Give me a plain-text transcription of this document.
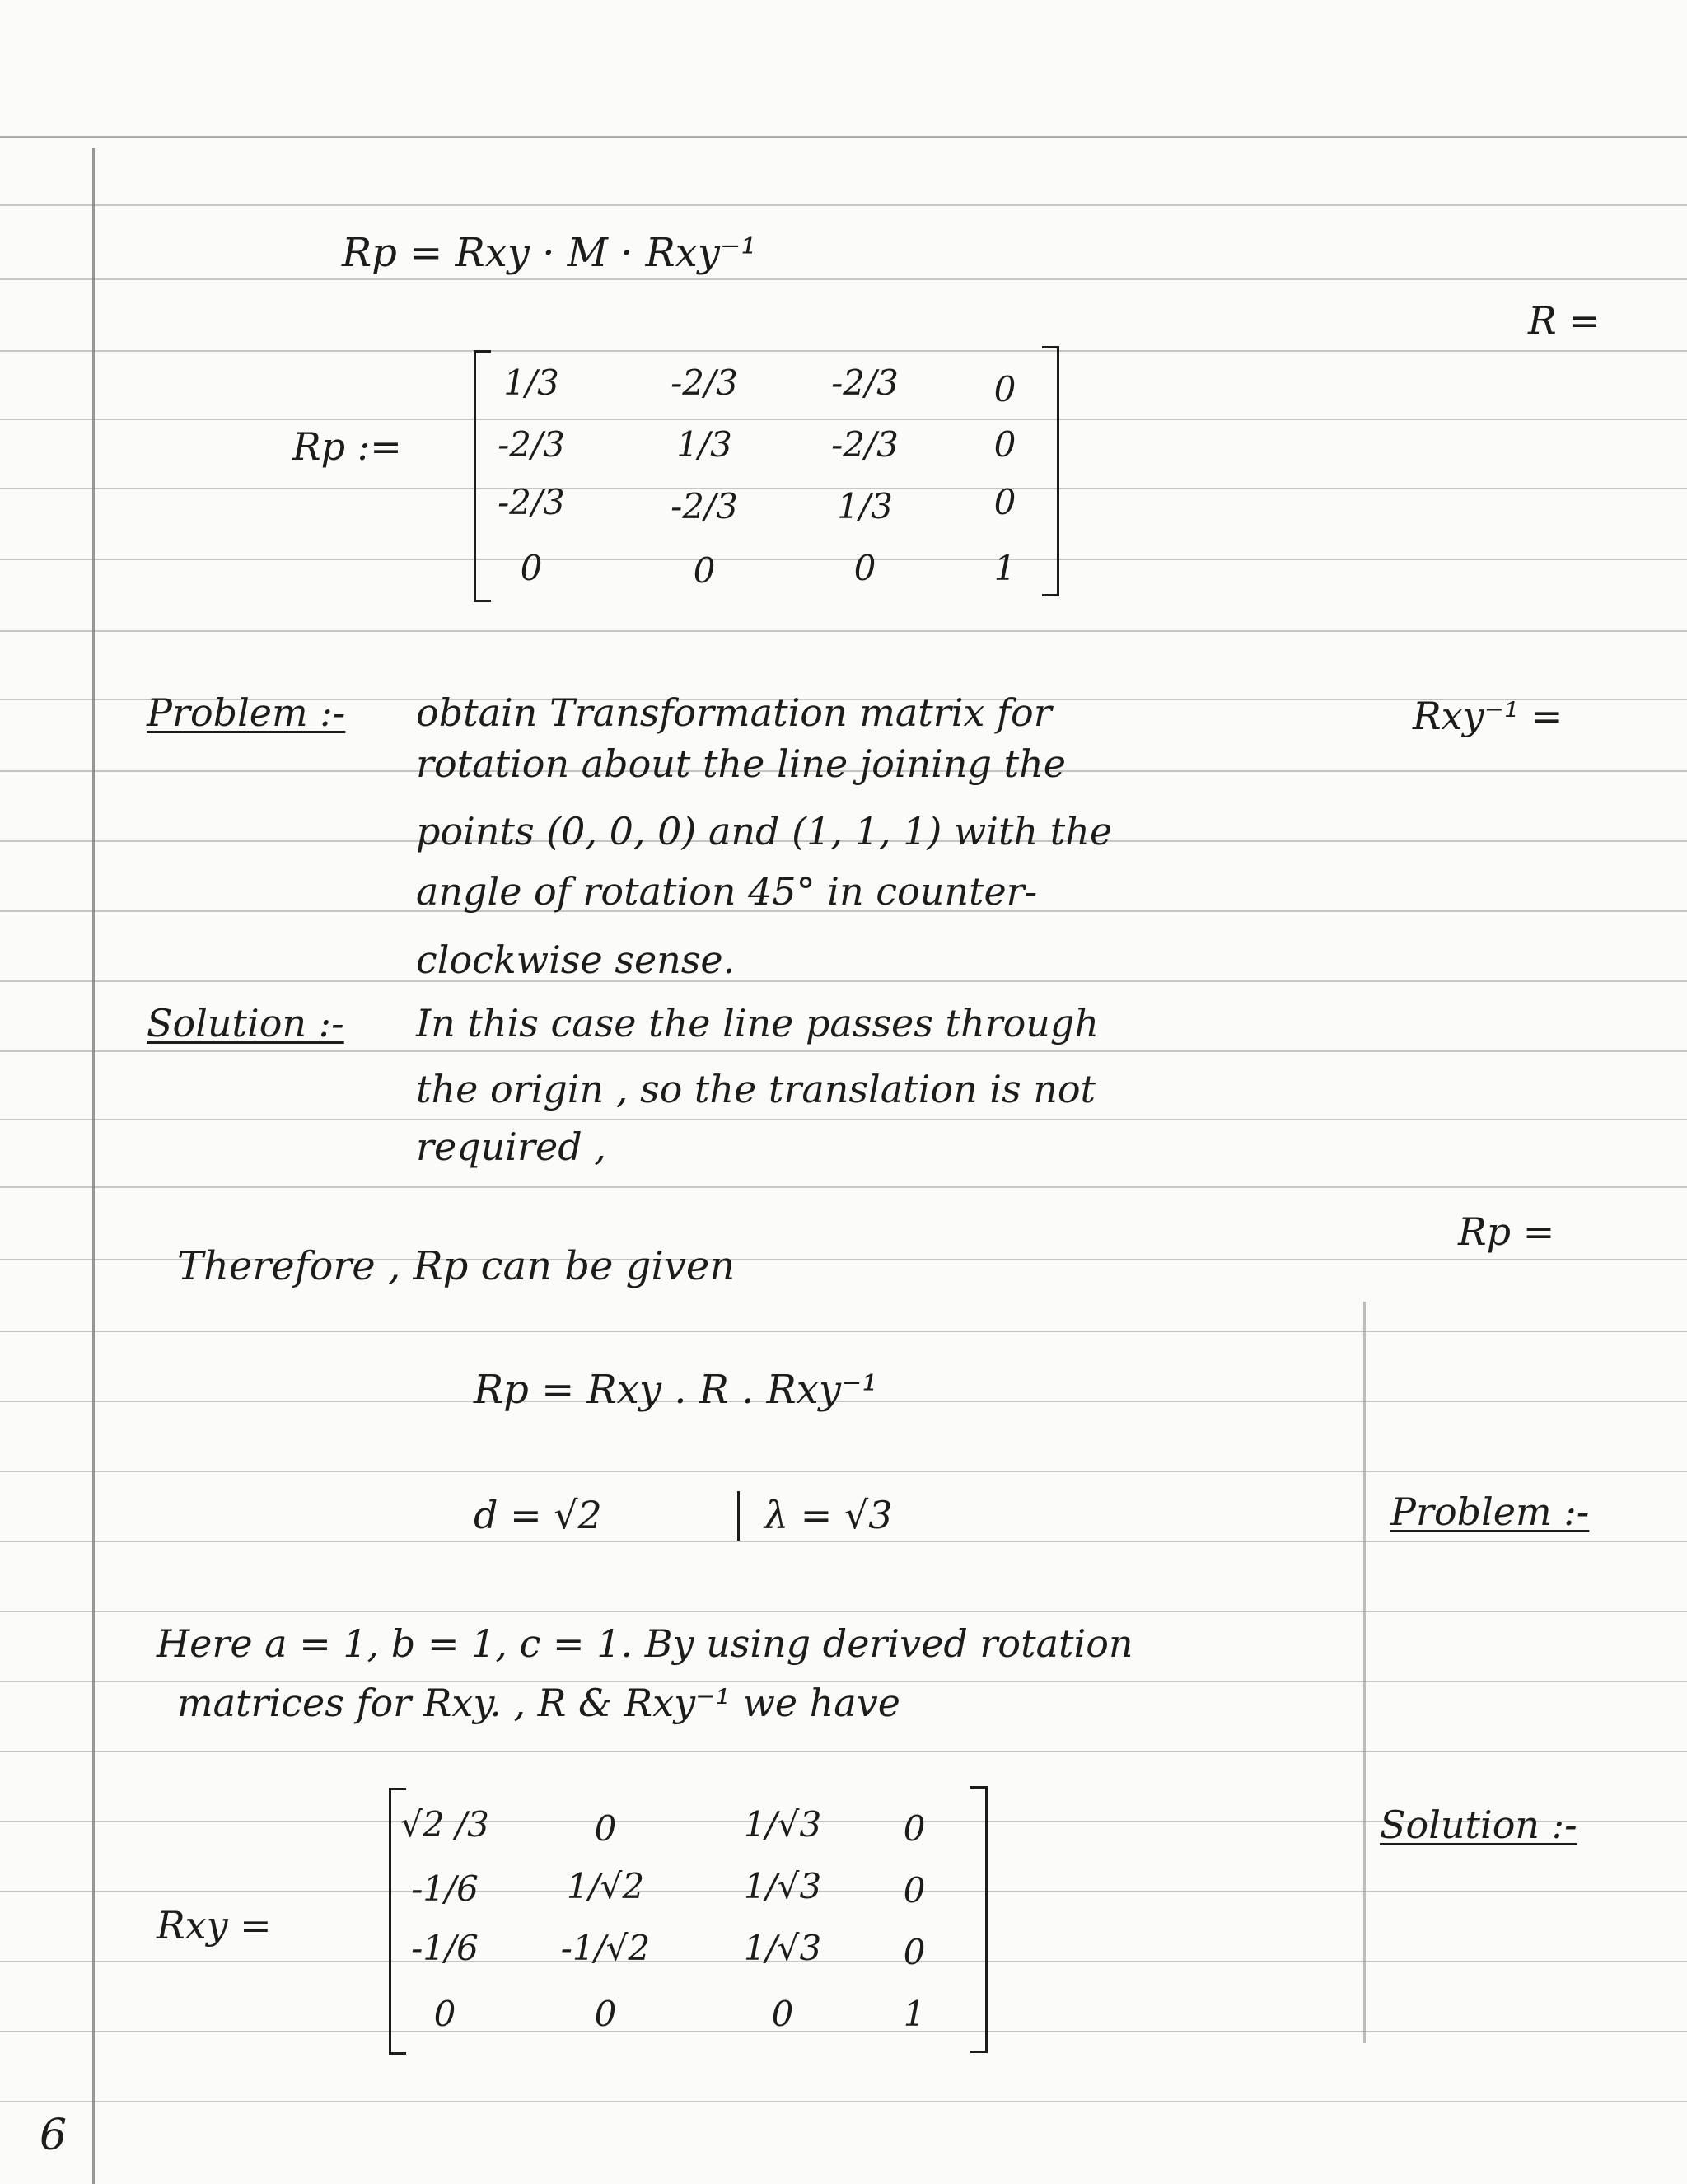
6
Rp = Rxy · M · Rxy⁻¹
Rp :=
1/3	-2/3	-2/3	0
-2/3	1/3	-2/3	0
-2/3	-2/3	1/3	0
0	0	0	1
Problem :- obtain Transformation matrix for
rotation about the line joining the
points (0, 0, 0) and (1, 1, 1) with the
angle of rotation 45° in counter-
clockwise sense.
Solution :- In this case the line passes through
the origin , so the translation is not
required ,
Therefore , Rp can be given
Rp = Rxy . R . Rxy⁻¹
d = √2	λ = √3
Here a = 1, b = 1, c = 1. By using derived rotation
matrices for Rxy. , R & Rxy⁻¹ we have
Rxy =
√2 /3	0	1/√3	0
-1/6	1/√2	1/√3	0
-1/6	-1/√2	1/√3	0
0	0	0	1
R =
Rxy⁻¹ =
Rp =
Problem :-
Solution :-
